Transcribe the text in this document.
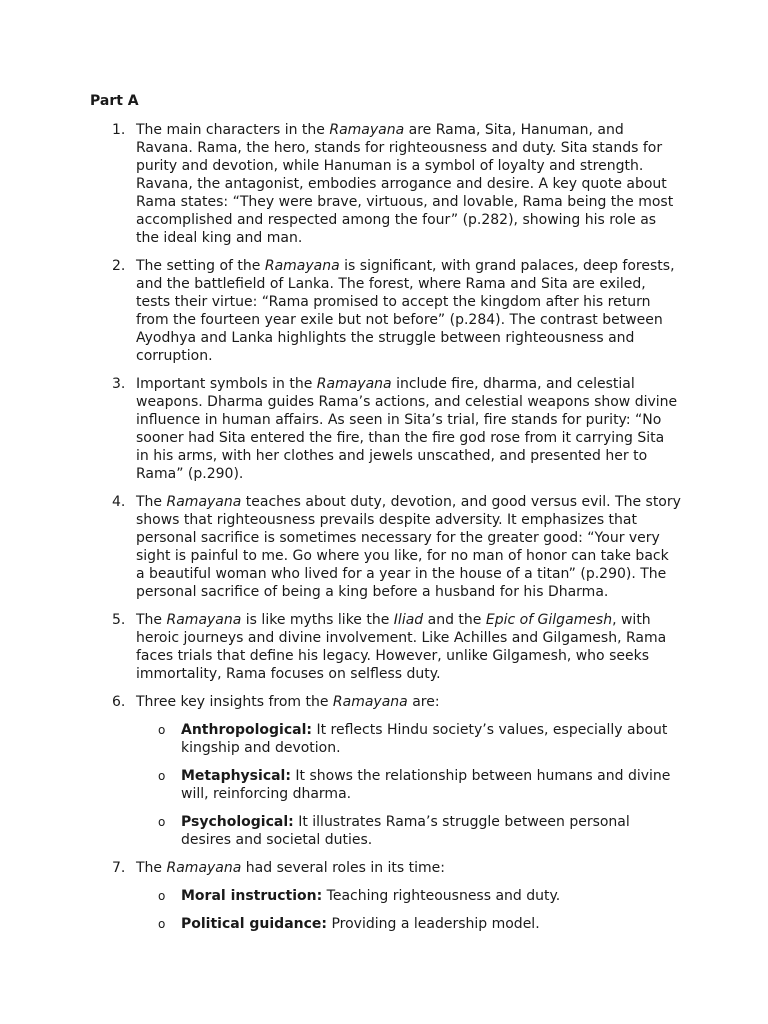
Part A
1. The main characters in the Ramayana are Rama, Sita, Hanuman, and Ravana. Rama, the hero, stands for righteousness and duty. Sita stands for purity and devotion, while Hanuman is a symbol of loyalty and strength. Ravana, the antagonist, embodies arrogance and desire. A key quote about Rama states: “They were brave, virtuous, and lovable, Rama being the most accomplished and respected among the four” (p.282), showing his role as the ideal king and man.
2. The setting of the Ramayana is significant, with grand palaces, deep forests, and the battlefield of Lanka. The forest, where Rama and Sita are exiled, tests their virtue: “Rama promised to accept the kingdom after his return from the fourteen year exile but not before” (p.284). The contrast between Ayodhya and Lanka highlights the struggle between righteousness and corruption.
3. Important symbols in the Ramayana include fire, dharma, and celestial weapons. Dharma guides Rama’s actions, and celestial weapons show divine influence in human affairs. As seen in Sita’s trial, fire stands for purity: “No sooner had Sita entered the fire, than the fire god rose from it carrying Sita in his arms, with her clothes and jewels unscathed, and presented her to Rama” (p.290).
4. The Ramayana teaches about duty, devotion, and good versus evil. The story shows that righteousness prevails despite adversity. It emphasizes that personal sacrifice is sometimes necessary for the greater good: “Your very sight is painful to me. Go where you like, for no man of honor can take back a beautiful woman who lived for a year in the house of a titan” (p.290). The personal sacrifice of being a king before a husband for his Dharma.
5. The Ramayana is like myths like the Iliad and the Epic of Gilgamesh, with heroic journeys and divine involvement. Like Achilles and Gilgamesh, Rama faces trials that define his legacy. However, unlike Gilgamesh, who seeks immortality, Rama focuses on selfless duty.
6. Three key insights from the Ramayana are:
o Anthropological: It reflects Hindu society’s values, especially about kingship and devotion.
o Metaphysical: It shows the relationship between humans and divine will, reinforcing dharma.
o Psychological: It illustrates Rama’s struggle between personal desires and societal duties.
7. The Ramayana had several roles in its time:
o Moral instruction: Teaching righteousness and duty.
o Political guidance: Providing a leadership model.
